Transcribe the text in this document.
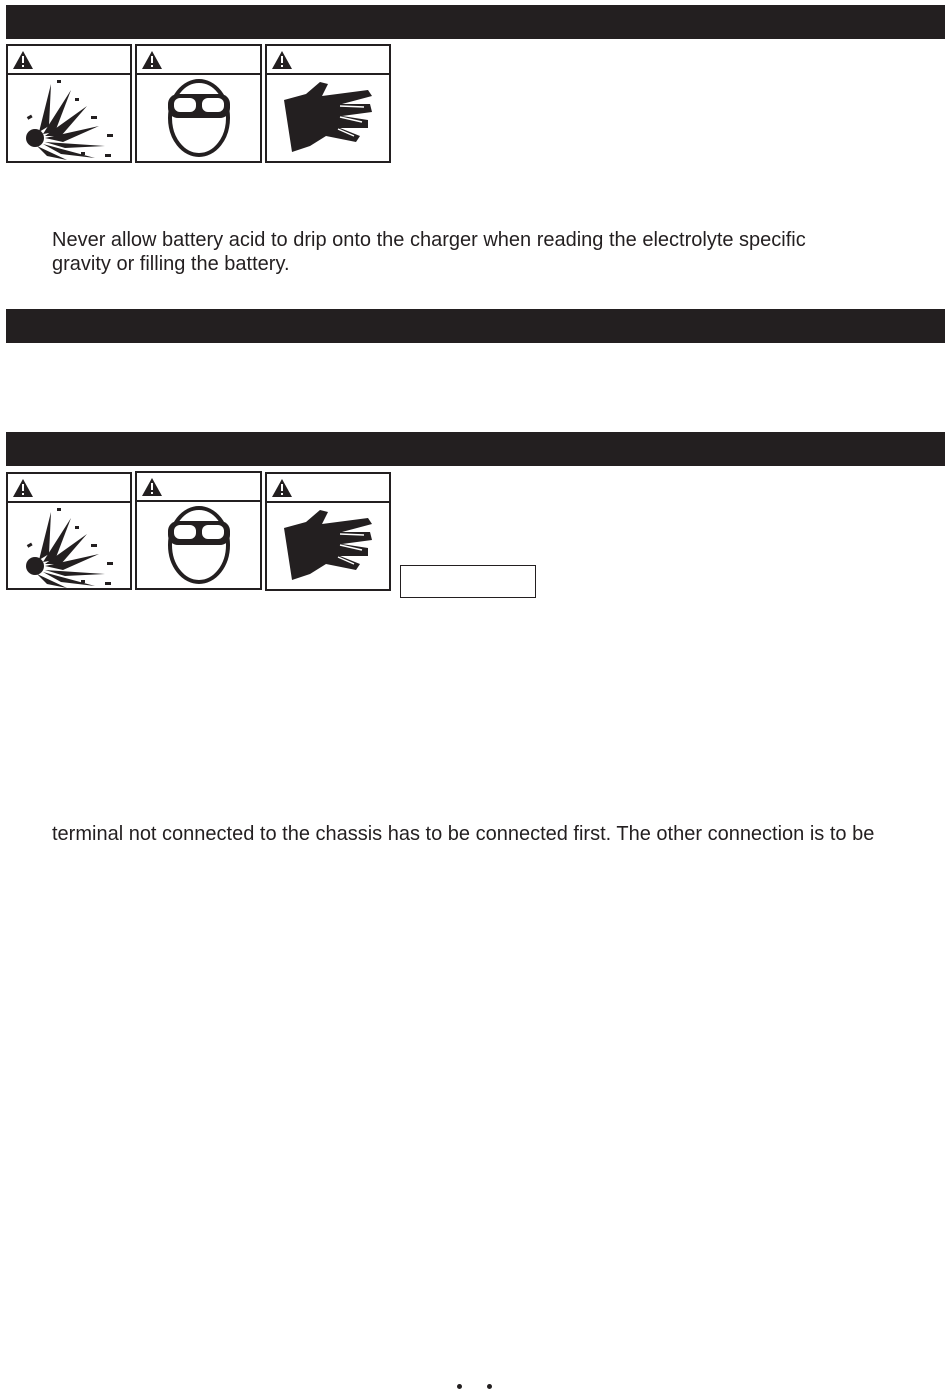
Never allow battery acid to drip onto the charger when reading the electrolyte specific

gravity or filling the battery.

terminal not connected to the chassis has to be connected first. The other connection is to be
